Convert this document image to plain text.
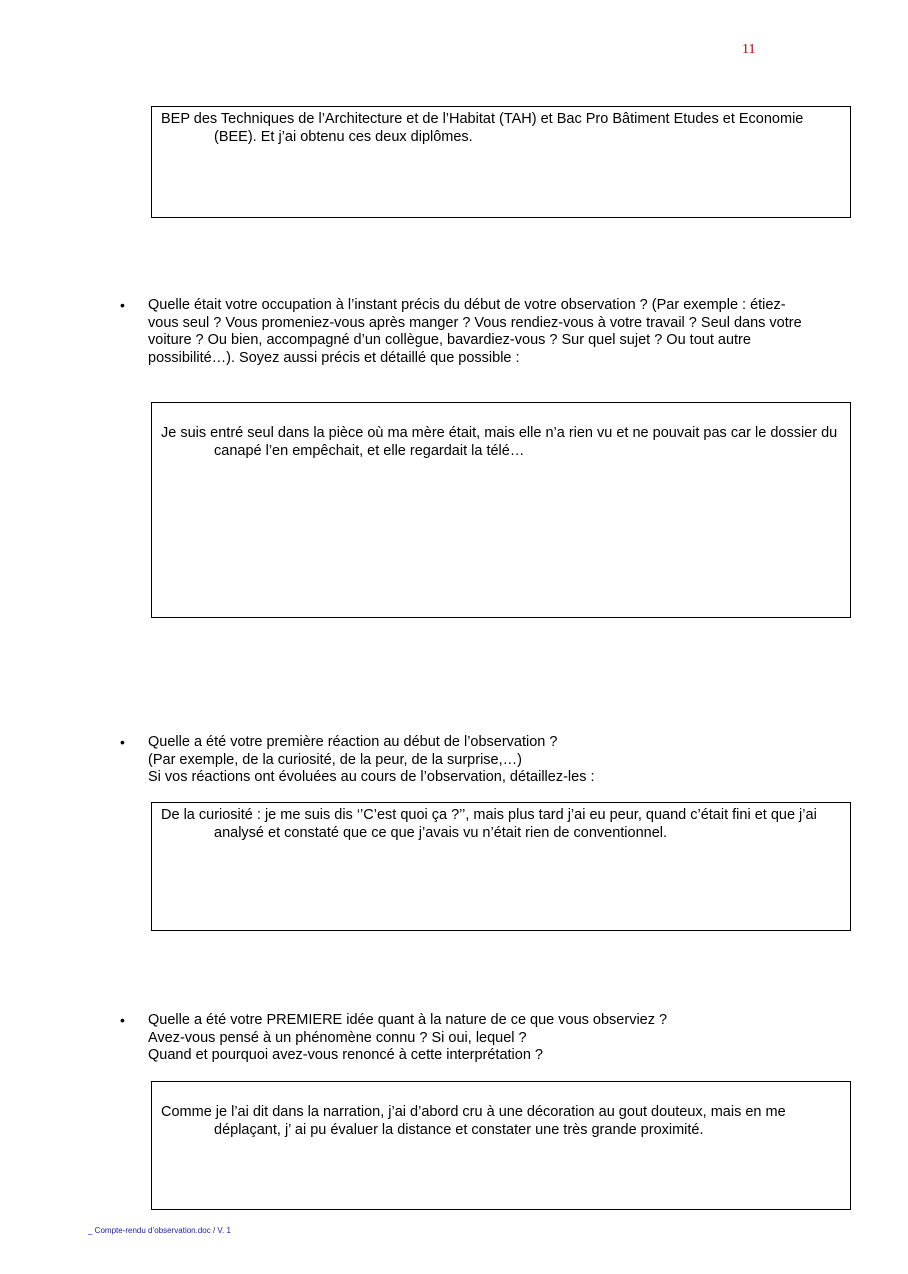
11

BEP des Techniques de l’Architecture et de l’Habitat (TAH) et Bac Pro Bâtiment Etudes et Economie (BEE). Et j’ai obtenu ces deux diplômes.

• Quelle était votre occupation à l’instant précis du début de votre observation ? (Par exemple : étiez-
vous seul ? Vous promeniez-vous après manger ? Vous rendiez-vous à votre travail ? Seul dans votre
voiture ? Ou bien, accompagné d’un collègue, bavardiez-vous ? Sur quel sujet ? Ou tout autre
possibilité…). Soyez aussi précis et détaillé que possible :

Je suis entré seul dans la pièce où ma mère était, mais elle n’a rien vu et ne pouvait pas car le dossier du canapé l’en empêchait, et elle regardait la télé…

• Quelle a été votre première réaction au début de l’observation ?
(Par exemple, de la curiosité, de la peur, de la surprise,…)
Si vos réactions ont évoluées au cours de l’observation, détaillez-les :

De la curiosité : je me suis dis ‘’C’est quoi ça ?’’, mais plus tard j’ai eu peur, quand c’était fini et que j’ai analysé et constaté que ce que j’avais vu n’était rien de conventionnel.

• Quelle a été votre PREMIERE idée quant à la nature de ce que vous observiez ?
Avez-vous pensé à un phénomène connu ? Si oui, lequel ?
Quand et pourquoi avez-vous renoncé à cette interprétation ?

Comme je l’ai dit dans la narration, j’ai d’abord cru à une décoration au gout douteux, mais en me déplaçant, j’ ai pu évaluer la distance et constater une très grande proximité.

_ Compte-rendu d’observation.doc / V. 1
